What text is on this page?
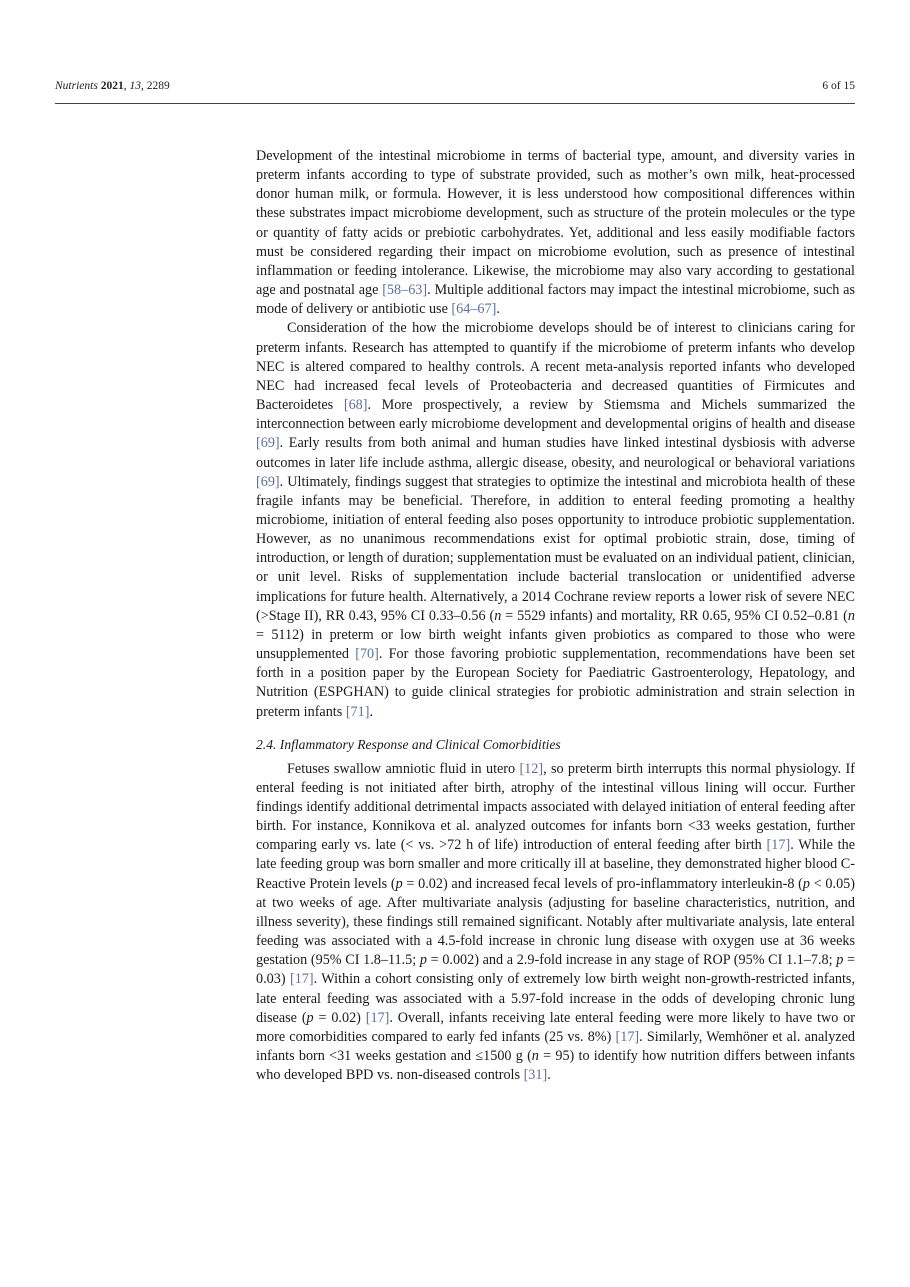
Nutrients 2021, 13, 2289	6 of 15

Development of the intestinal microbiome in terms of bacterial type, amount, and diversity varies in preterm infants according to type of substrate provided, such as mother’s own milk, heat-processed donor human milk, or formula. However, it is less understood how compositional differences within these substrates impact microbiome development, such as structure of the protein molecules or the type or quantity of fatty acids or prebiotic carbohydrates. Yet, additional and less easily modifiable factors must be considered regarding their impact on microbiome evolution, such as presence of intestinal inflammation or feeding intolerance. Likewise, the microbiome may also vary according to gestational age and postnatal age [58–63]. Multiple additional factors may impact the intestinal microbiome, such as mode of delivery or antibiotic use [64–67].

Consideration of the how the microbiome develops should be of interest to clinicians caring for preterm infants. Research has attempted to quantify if the microbiome of preterm infants who develop NEC is altered compared to healthy controls. A recent meta-analysis reported infants who developed NEC had increased fecal levels of Proteobacteria and decreased quantities of Firmicutes and Bacteroidetes [68]. More prospectively, a review by Stiemsma and Michels summarized the interconnection between early microbiome development and developmental origins of health and disease [69]. Early results from both animal and human studies have linked intestinal dysbiosis with adverse outcomes in later life include asthma, allergic disease, obesity, and neurological or behavioral variations [69]. Ultimately, findings suggest that strategies to optimize the intestinal and microbiota health of these fragile infants may be beneficial. Therefore, in addition to enteral feeding promoting a healthy microbiome, initiation of enteral feeding also poses opportunity to introduce probiotic supplementation. However, as no unanimous recommendations exist for optimal probiotic strain, dose, timing of introduction, or length of duration; supplementation must be evaluated on an individual patient, clinician, or unit level. Risks of supplementation include bacterial translocation or unidentified adverse implications for future health. Alternatively, a 2014 Cochrane review reports a lower risk of severe NEC (>Stage II), RR 0.43, 95% CI 0.33–0.56 (n = 5529 infants) and mortality, RR 0.65, 95% CI 0.52–0.81 (n = 5112) in preterm or low birth weight infants given probiotics as compared to those who were unsupplemented [70]. For those favoring probiotic supplementation, recommendations have been set forth in a position paper by the European Society for Paediatric Gastroenterology, Hepatology, and Nutrition (ESPGHAN) to guide clinical strategies for probiotic administration and strain selection in preterm infants [71].

2.4. Inflammatory Response and Clinical Comorbidities

Fetuses swallow amniotic fluid in utero [12], so preterm birth interrupts this normal physiology. If enteral feeding is not initiated after birth, atrophy of the intestinal villous lining will occur. Further findings identify additional detrimental impacts associated with delayed initiation of enteral feeding after birth. For instance, Konnikova et al. analyzed outcomes for infants born <33 weeks gestation, further comparing early vs. late (< vs. >72 h of life) introduction of enteral feeding after birth [17]. While the late feeding group was born smaller and more critically ill at baseline, they demonstrated higher blood C-Reactive Protein levels (p = 0.02) and increased fecal levels of pro-inflammatory interleukin-8 (p < 0.05) at two weeks of age. After multivariate analysis (adjusting for baseline characteristics, nutrition, and illness severity), these findings still remained significant. Notably after multivariate analysis, late enteral feeding was associated with a 4.5-fold increase in chronic lung disease with oxygen use at 36 weeks gestation (95% CI 1.8–11.5; p = 0.002) and a 2.9-fold increase in any stage of ROP (95% CI 1.1–7.8; p = 0.03) [17]. Within a cohort consisting only of extremely low birth weight non-growth-restricted infants, late enteral feeding was associated with a 5.97-fold increase in the odds of developing chronic lung disease (p = 0.02) [17]. Overall, infants receiving late enteral feeding were more likely to have two or more comorbidities compared to early fed infants (25 vs. 8%) [17]. Similarly, Wemhöner et al. analyzed infants born <31 weeks gestation and ≤1500 g (n = 95) to identify how nutrition differs between infants who developed BPD vs. non-diseased controls [31].
